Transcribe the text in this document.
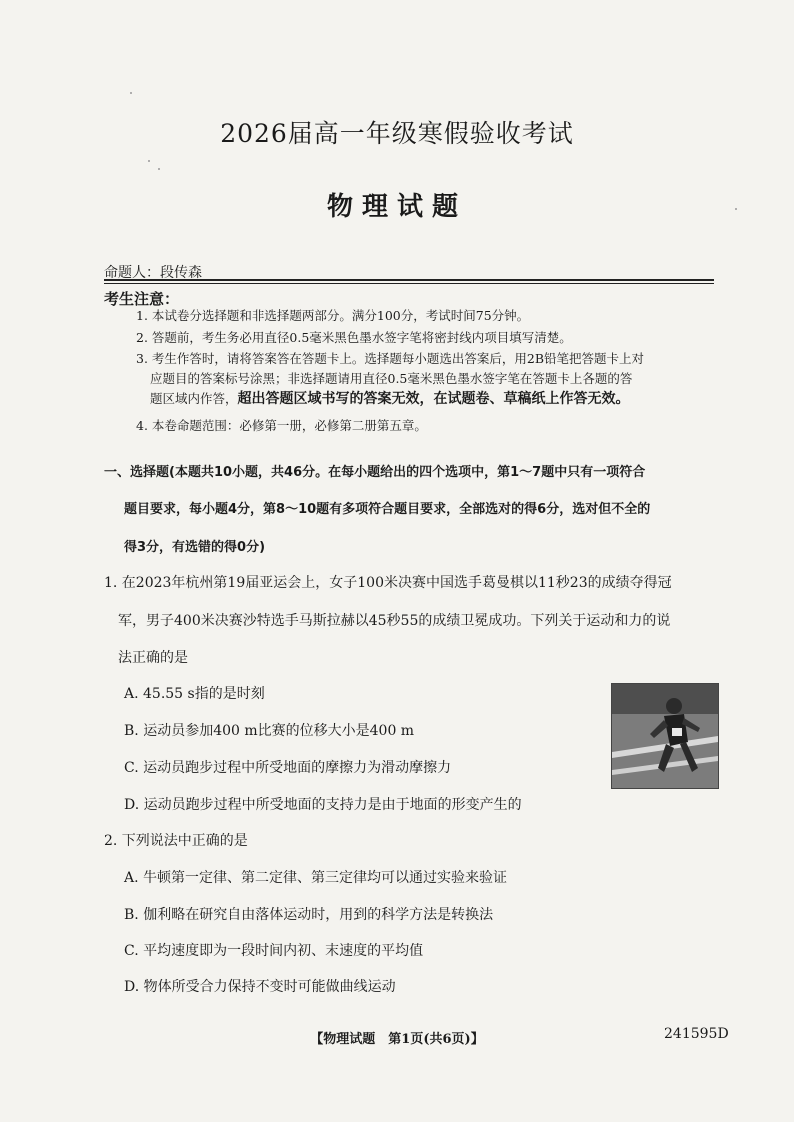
2026届高一年级寒假验收考试
物理试题
命题人：段传森
考生注意：
1. 本试卷分选择题和非选择题两部分。满分100分，考试时间75分钟。
2. 答题前，考生务必用直径0.5毫米黑色墨水签字笔将密封线内项目填写清楚。
3. 考生作答时，请将答案答在答题卡上。选择题每小题选出答案后，用2B铅笔把答题卡上对
应题目的答案标号涂黑；非选择题请用直径0.5毫米黑色墨水签字笔在答题卡上各题的答
题区域内作答，超出答题区域书写的答案无效，在试题卷、草稿纸上作答无效。
4. 本卷命题范围：必修第一册，必修第二册第五章。
一、选择题(本题共10小题，共46分。在每小题给出的四个选项中，第1～7题中只有一项符合
题目要求，每小题4分，第8～10题有多项符合题目要求，全部选对的得6分，选对但不全的
得3分，有选错的得0分)
1. 在2023年杭州第19届亚运会上，女子100米决赛中国选手葛曼棋以11秒23的成绩夺得冠
军，男子400米决赛沙特选手马斯拉赫以45秒55的成绩卫冕成功。下列关于运动和力的说
法正确的是
A. 45.55 s指的是时刻
B. 运动员参加400 m比赛的位移大小是400 m
C. 运动员跑步过程中所受地面的摩擦力为滑动摩擦力
D. 运动员跑步过程中所受地面的支持力是由于地面的形变产生的
2. 下列说法中正确的是
A. 牛顿第一定律、第二定律、第三定律均可以通过实验来验证
B. 伽利略在研究自由落体运动时，用到的科学方法是转换法
C. 平均速度即为一段时间内初、末速度的平均值
D. 物体所受合力保持不变时可能做曲线运动
【物理试题　第1页(共6页)】	241595D
